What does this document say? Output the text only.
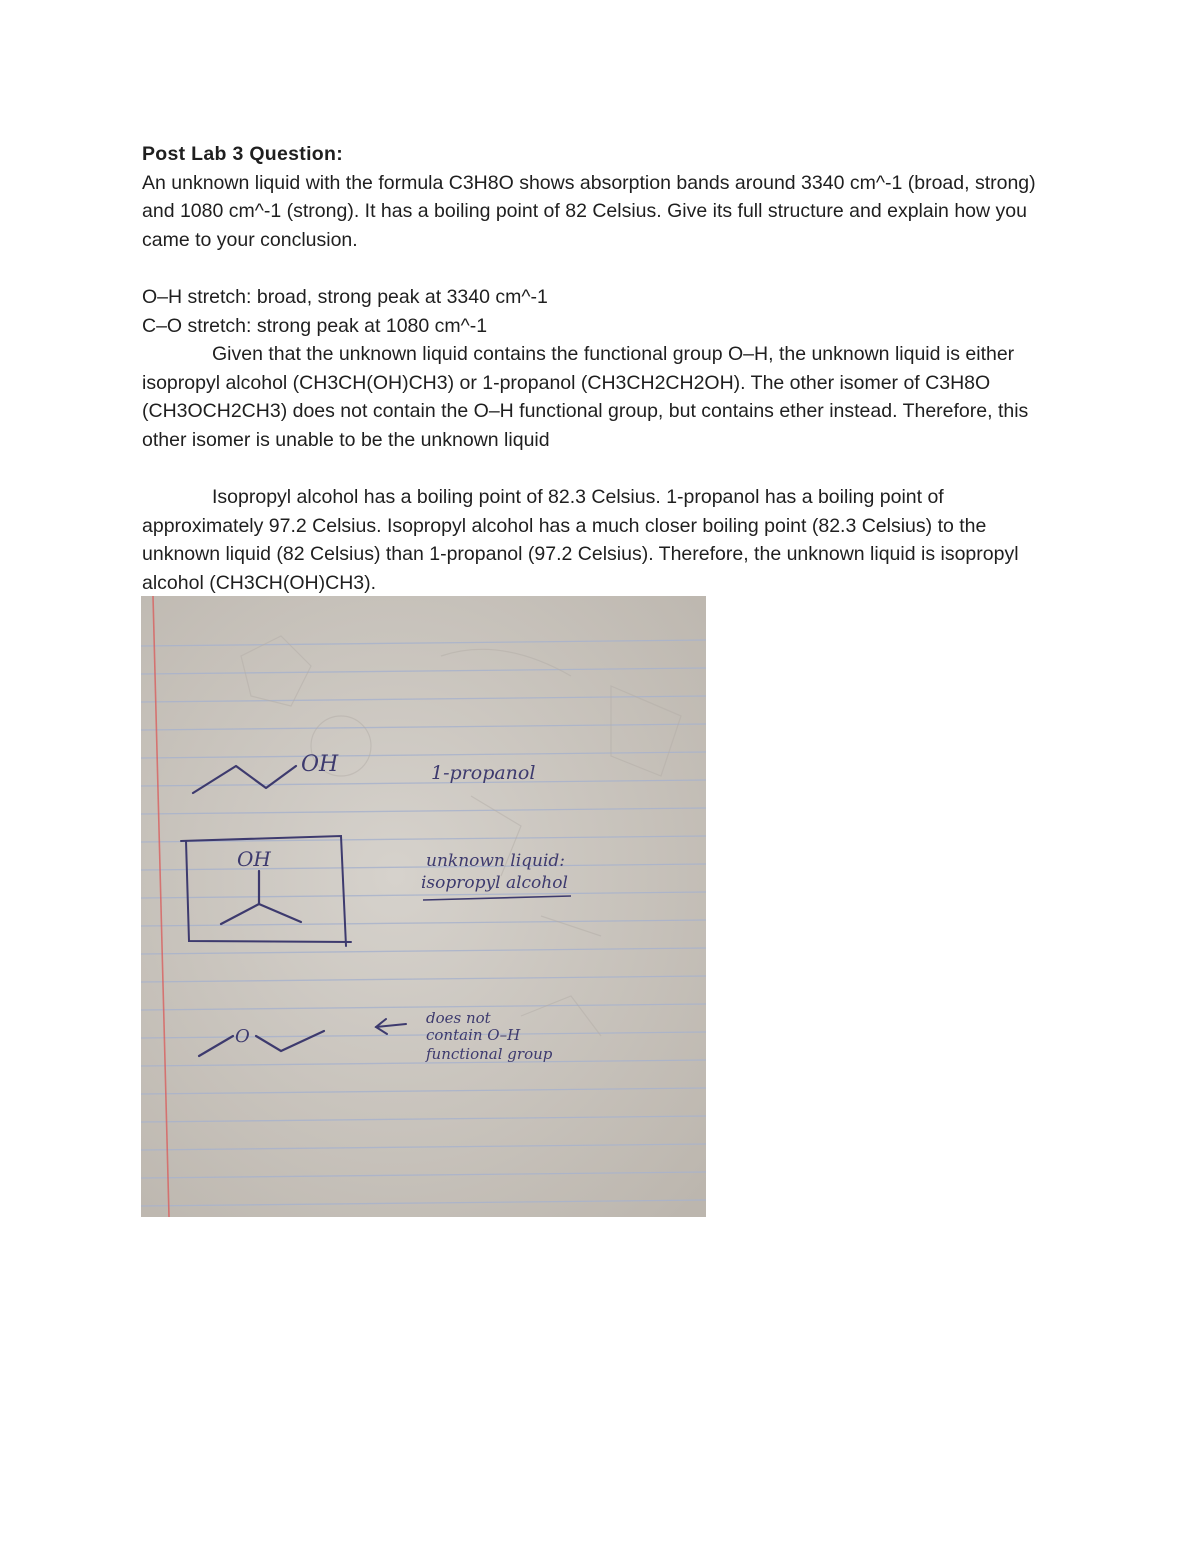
Post Lab 3 Question:

An unknown liquid with the formula C3H8O shows absorption bands around 3340 cm^-1 (broad, strong) and 1080 cm^-1 (strong). It has a boiling point of 82 Celsius. Give its full structure and explain how you came to your conclusion.

O–H stretch: broad, strong peak at 3340 cm^-1

C–O stretch: strong peak at 1080 cm^-1

Given that the unknown liquid contains the functional group O–H, the unknown liquid is either isopropyl alcohol (CH3CH(OH)CH3) or 1-propanol (CH3CH2CH2OH). The other isomer of C3H8O (CH3OCH2CH3) does not contain the O–H functional group, but contains ether instead. Therefore, this other isomer is unable to be the unknown liquid

Isopropyl alcohol has a boiling point of 82.3 Celsius. 1-propanol has a boiling point of approximately 97.2 Celsius. Isopropyl alcohol has a much closer boiling point (82.3 Celsius) to the unknown liquid (82 Celsius) than 1-propanol (97.2 Celsius). Therefore, the unknown liquid is isopropyl alcohol (CH3CH(OH)CH3).

OH	1-propanol
OH	unknown liquid:
isopropyl alcohol
O
does not
contain O–H
functional group
